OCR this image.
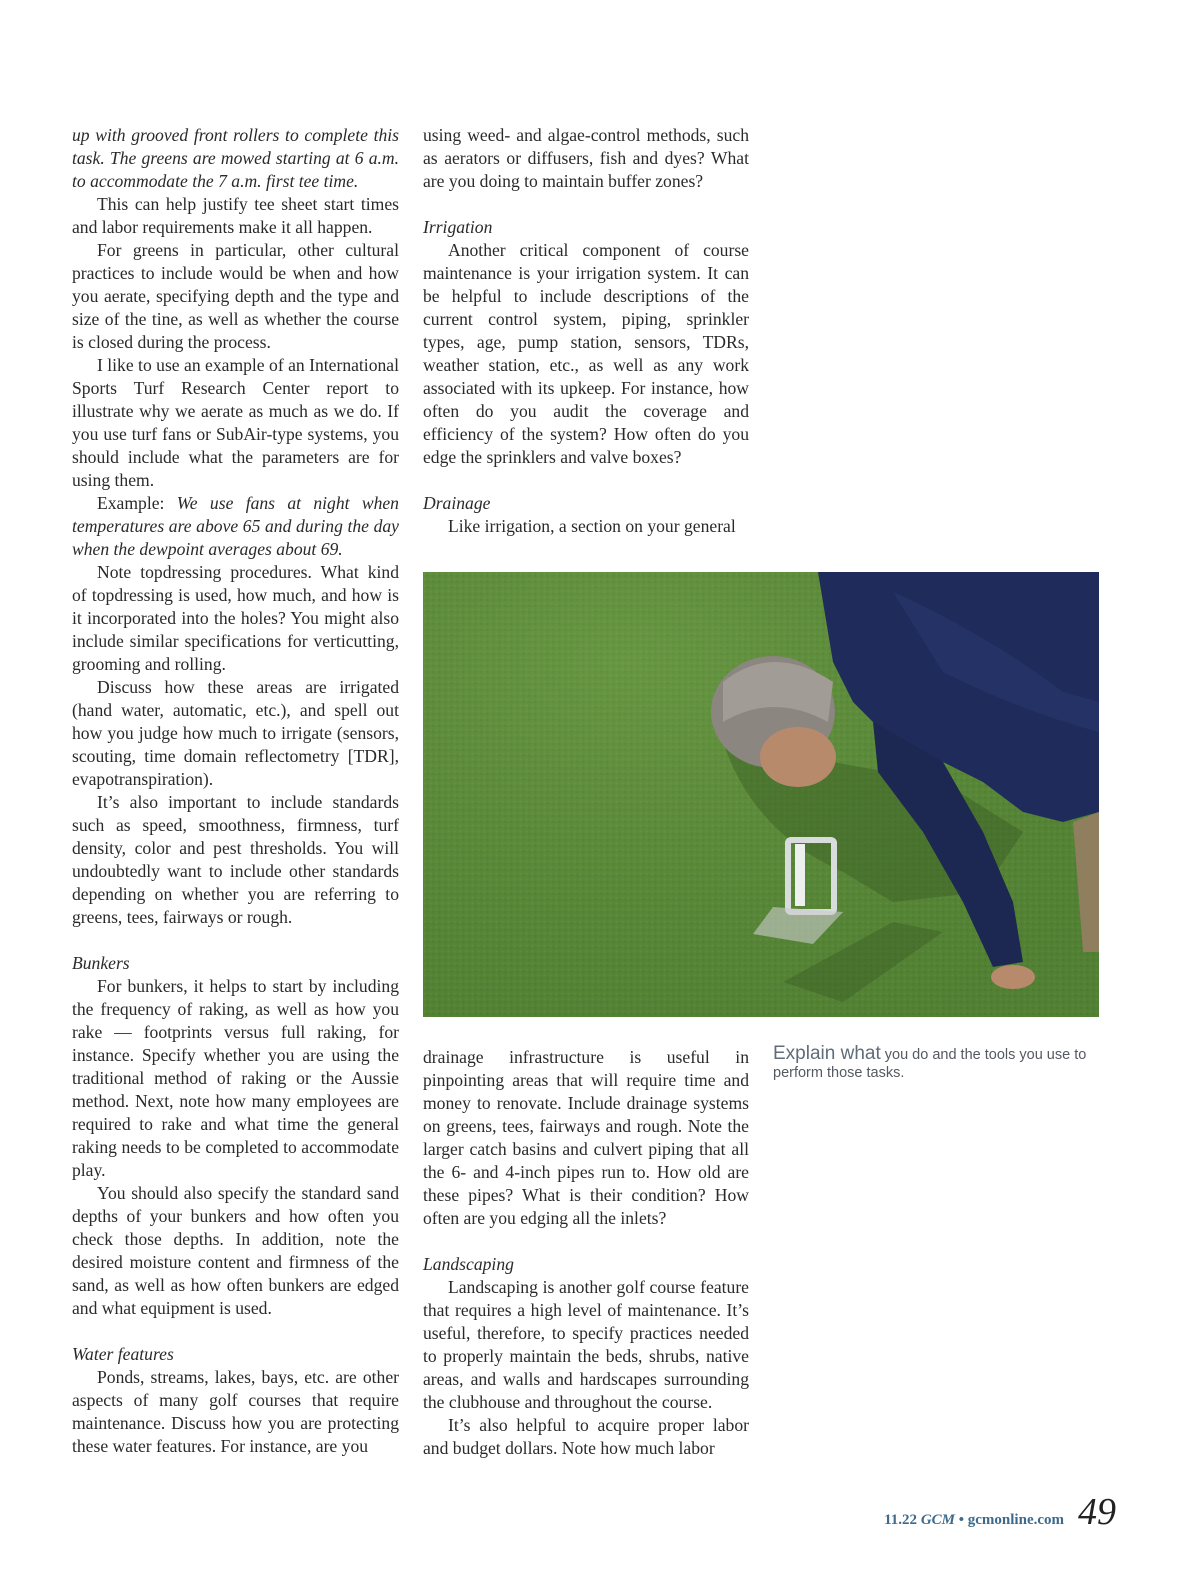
up with grooved front rollers to complete this task. The greens are mowed starting at 6 a.m. to accommodate the 7 a.m. first tee time.

This can help justify tee sheet start times and labor requirements make it all happen.

For greens in particular, other cultural practices to include would be when and how you aerate, specifying depth and the type and size of the tine, as well as whether the course is closed during the process.

I like to use an example of an International Sports Turf Research Center report to illustrate why we aerate as much as we do. If you use turf fans or SubAir-type systems, you should include what the parameters are for using them.

Example: We use fans at night when temperatures are above 65 and during the day when the dewpoint averages about 69.

Note topdressing procedures. What kind of topdressing is used, how much, and how is it incorporated into the holes? You might also include similar specifications for verticutting, grooming and rolling.

Discuss how these areas are irrigated (hand water, automatic, etc.), and spell out how you judge how much to irrigate (sensors, scouting, time domain reflectometry [TDR], evapotranspiration).

It’s also important to include standards such as speed, smoothness, firmness, turf density, color and pest thresholds. You will undoubtedly want to include other standards depending on whether you are referring to greens, tees, fairways or rough.

Bunkers

For bunkers, it helps to start by including the frequency of raking, as well as how you rake — footprints versus full raking, for instance. Specify whether you are using the traditional method of raking or the Aussie method. Next, note how many employees are required to rake and what time the general raking needs to be completed to accommodate play.

You should also specify the standard sand depths of your bunkers and how often you check those depths. In addition, note the desired moisture content and firmness of the sand, as well as how often bunkers are edged and what equipment is used.

Water features

Ponds, streams, lakes, bays, etc. are other aspects of many golf courses that require maintenance. Discuss how you are protecting these water features. For instance, are you

using weed- and algae-control methods, such as aerators or diffusers, fish and dyes? What are you doing to maintain buffer zones?

Irrigation

Another critical component of course maintenance is your irrigation system. It can be helpful to include descriptions of the current control system, piping, sprinkler types, age, pump station, sensors, TDRs, weather station, etc., as well as any work associated with its upkeep. For instance, how often do you audit the coverage and efficiency of the system? How often do you edge the sprinklers and valve boxes?

Drainage

Like irrigation, a section on your general

drainage infrastructure is useful in pinpointing areas that will require time and money to renovate. Include drainage systems on greens, tees, fairways and rough. Note the larger catch basins and culvert piping that all the 6- and 4-inch pipes run to. How old are these pipes? What is their condition? How often are you edging all the inlets?

Landscaping

Landscaping is another golf course feature that requires a high level of maintenance. It’s useful, therefore, to specify practices needed to properly maintain the beds, shrubs, native areas, and walls and hardscapes surrounding the clubhouse and throughout the course.

It’s also helpful to acquire proper labor and budget dollars. Note how much labor

Explain what you do and the tools you use to perform those tasks.
11.22 GCM • gcmonline.com 49
